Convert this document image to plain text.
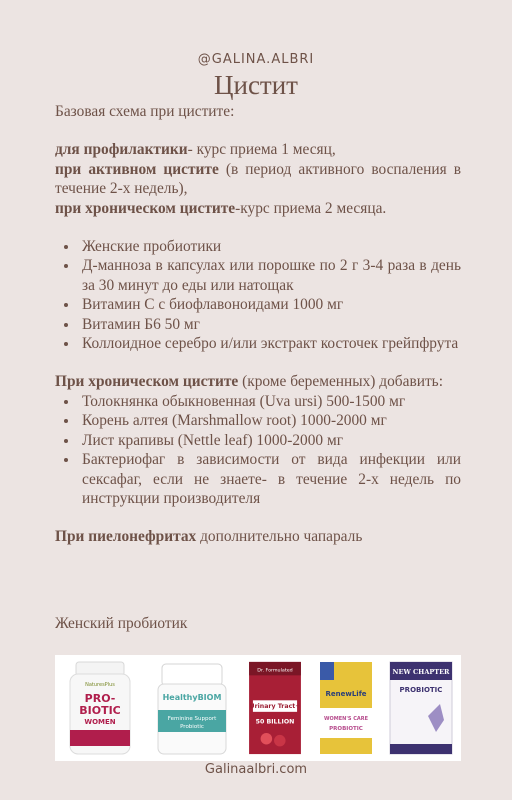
@GALINA.ALBRI
Цистит

Базовая схема при цистите:

для профилактики- курс приема 1 месяц,

при активном цистите (в период активного воспаления в течение 2-х недель),

при хроническом цистите-курс приема 2 месяца.

Женские пробиотики
Д-манноза в капсулах или порошке по 2 г 3-4 раза в день за 30 минут до еды или натощак
Витамин С с биофлавоноидами 1000 мг
Витамин Б6 50 мг
Коллоидное серебро и/или экстракт косточек грейпфрута

При хроническом цистите (кроме беременных) добавить:

Толокнянка обыкновенная (Uva ursi) 500-1500 мг
Корень алтея (Marshmallow root) 1000-2000 мг
Лист крапивы (Nettle leaf) 1000-2000 мг
Бактериофаг в зависимости от вида инфекции или сексафаг, если не знаете- в течение 2-х недель по инструкции производителя

При пиелонефритах дополнительно чапараль

Женский пробиотик
NaturesPlus
PRO-
BIOTIC
WOMEN
HealthyBIOM
Feminine Support
Probiotic
Dr. Formulated
Urinary Tract+
50 BILLION
RenewLife
WOMEN'S CARE
PROBIOTIC
NEW CHAPTER
PROBIOTIC
Galinaalbri.com
